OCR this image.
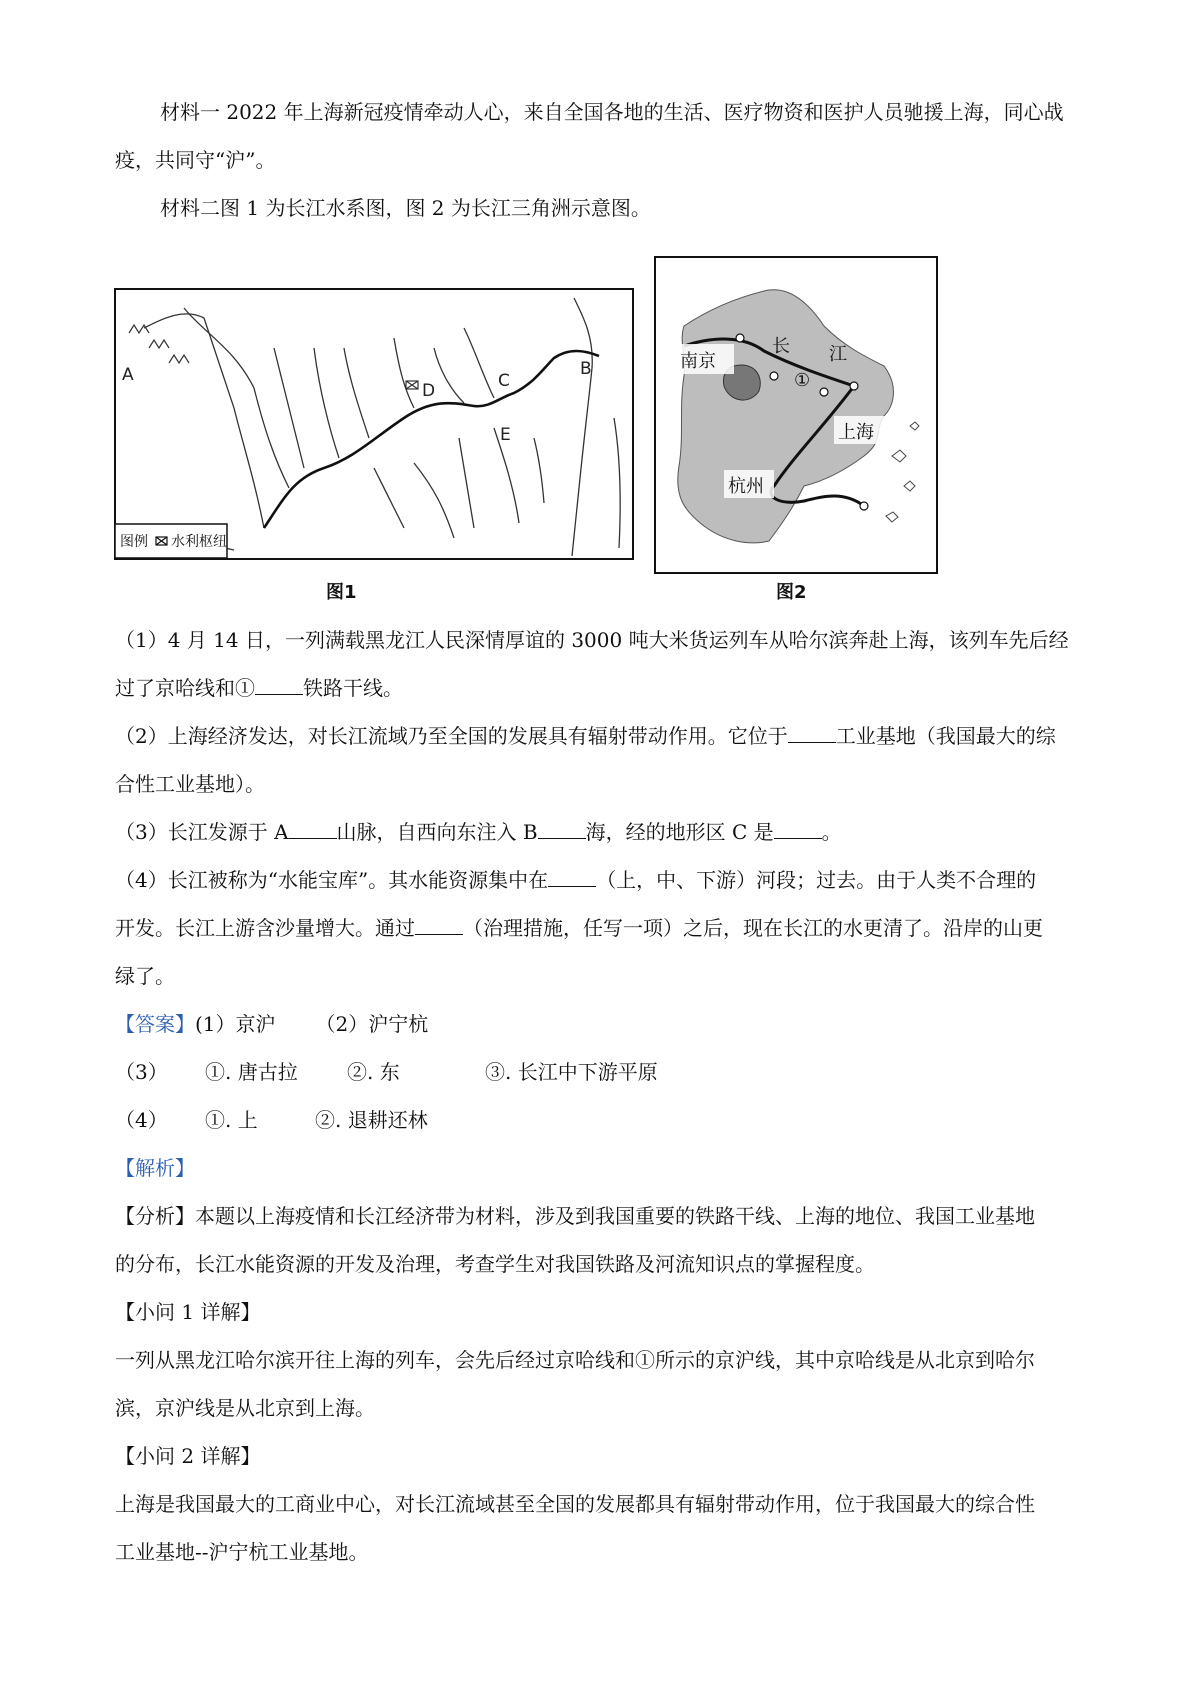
材料一 2022 年上海新冠疫情牵动人心，来自全国各地的生活、医疗物资和医护人员驰援上海，同心战
疫，共同守“沪”。
材料二图 1 为长江水系图，图 2 为长江三角洲示意图。
A	B
C
D
E
图例 水利枢纽
图1
南京
长 江
①
上海
杭州
图2
（1）4 月 14 日，一列满载黑龙江人民深情厚谊的 3000 吨大米货运列车从哈尔滨奔赴上海，该列车先后经
过了京哈线和① 铁路干线。
（2）上海经济发达，对长江流域乃至全国的发展具有辐射带动作用。它位于 工业基地（我国最大的综
合性工业基地）。
（3）长江发源于 A 山脉，自西向东注入 B 海，经的地形区 C 是 。
（4）长江被称为“水能宝库”。其水能资源集中在 （上，中、下游）河段；过去。由于人类不合理的
开发。长江上游含沙量增大。通过 （治理措施，任写一项）之后，现在长江的水更清了。沿岸的山更
绿了。
【答案】(1）京沪 （2）沪宁杭
（3） ①. 唐古拉 ②. 东	③. 长江中下游平原
（4） ①. 上	②. 退耕还林
【解析】
【分析】本题以上海疫情和长江经济带为材料，涉及到我国重要的铁路干线、上海的地位、我国工业基地
的分布，长江水能资源的开发及治理，考查学生对我国铁路及河流知识点的掌握程度。
【小问 1 详解】
一列从黑龙江哈尔滨开往上海的列车，会先后经过京哈线和①所示的京沪线，其中京哈线是从北京到哈尔
滨，京沪线是从北京到上海。
【小问 2 详解】
上海是我国最大的工商业中心，对长江流域甚至全国的发展都具有辐射带动作用，位于我国最大的综合性
工业基地--沪宁杭工业基地。
